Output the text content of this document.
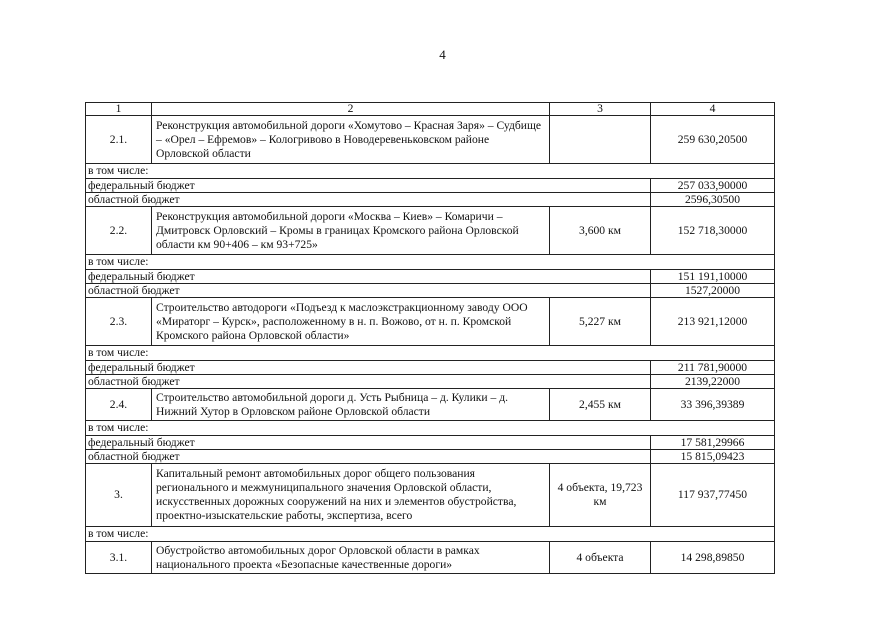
4
1	2	3	4
2.1.	Реконструкция автомобильной дороги «Хомутово – Красная Заря» – Судбище – «Орел – Ефремов» – Кологривово в Новодеревеньковском районе Орловской области		259 630,20500
в том числе:			
федеральный бюджет			257 033,90000
областной бюджет			2596,30500
2.2.	Реконструкция автомобильной дороги «Москва – Киев» – Комаричи – Дмитровск Орловский – Кромы в границах Кромского района Орловской области км 90+406 – км 93+725»	3,600 км	152 718,30000
в том числе:			
федеральный бюджет			151 191,10000
областной бюджет			1527,20000
2.3.	Строительство автодороги «Подъезд к маслоэкстракционному заводу ООО «Мираторг – Курск», расположенному в н. п. Вожово, от н. п. Кромской Кромского района Орловской области»	5,227 км	213 921,12000
в том числе:			
федеральный бюджет			211 781,90000
областной бюджет			2139,22000
2.4.	Строительство автомобильной дороги д. Усть Рыбница – д. Кулики – д. Нижний Хутор в Орловском районе Орловской области	2,455 км	33 396,39389
в том числе:			
федеральный бюджет			17 581,29966
областной бюджет			15 815,09423
3.	Капитальный ремонт автомобильных дорог общего пользования регионального и межмуниципального значения Орловской области, искусственных дорожных сооружений на них и элементов обустройства, проектно-изыскательские работы, экспертиза, всего	4 объекта, 19,723 км	117 937,77450
в том числе:			
3.1.	Обустройство автомобильных дорог Орловской области в рамках национального проекта «Безопасные качественные дороги»	4 объекта	14 298,89850
